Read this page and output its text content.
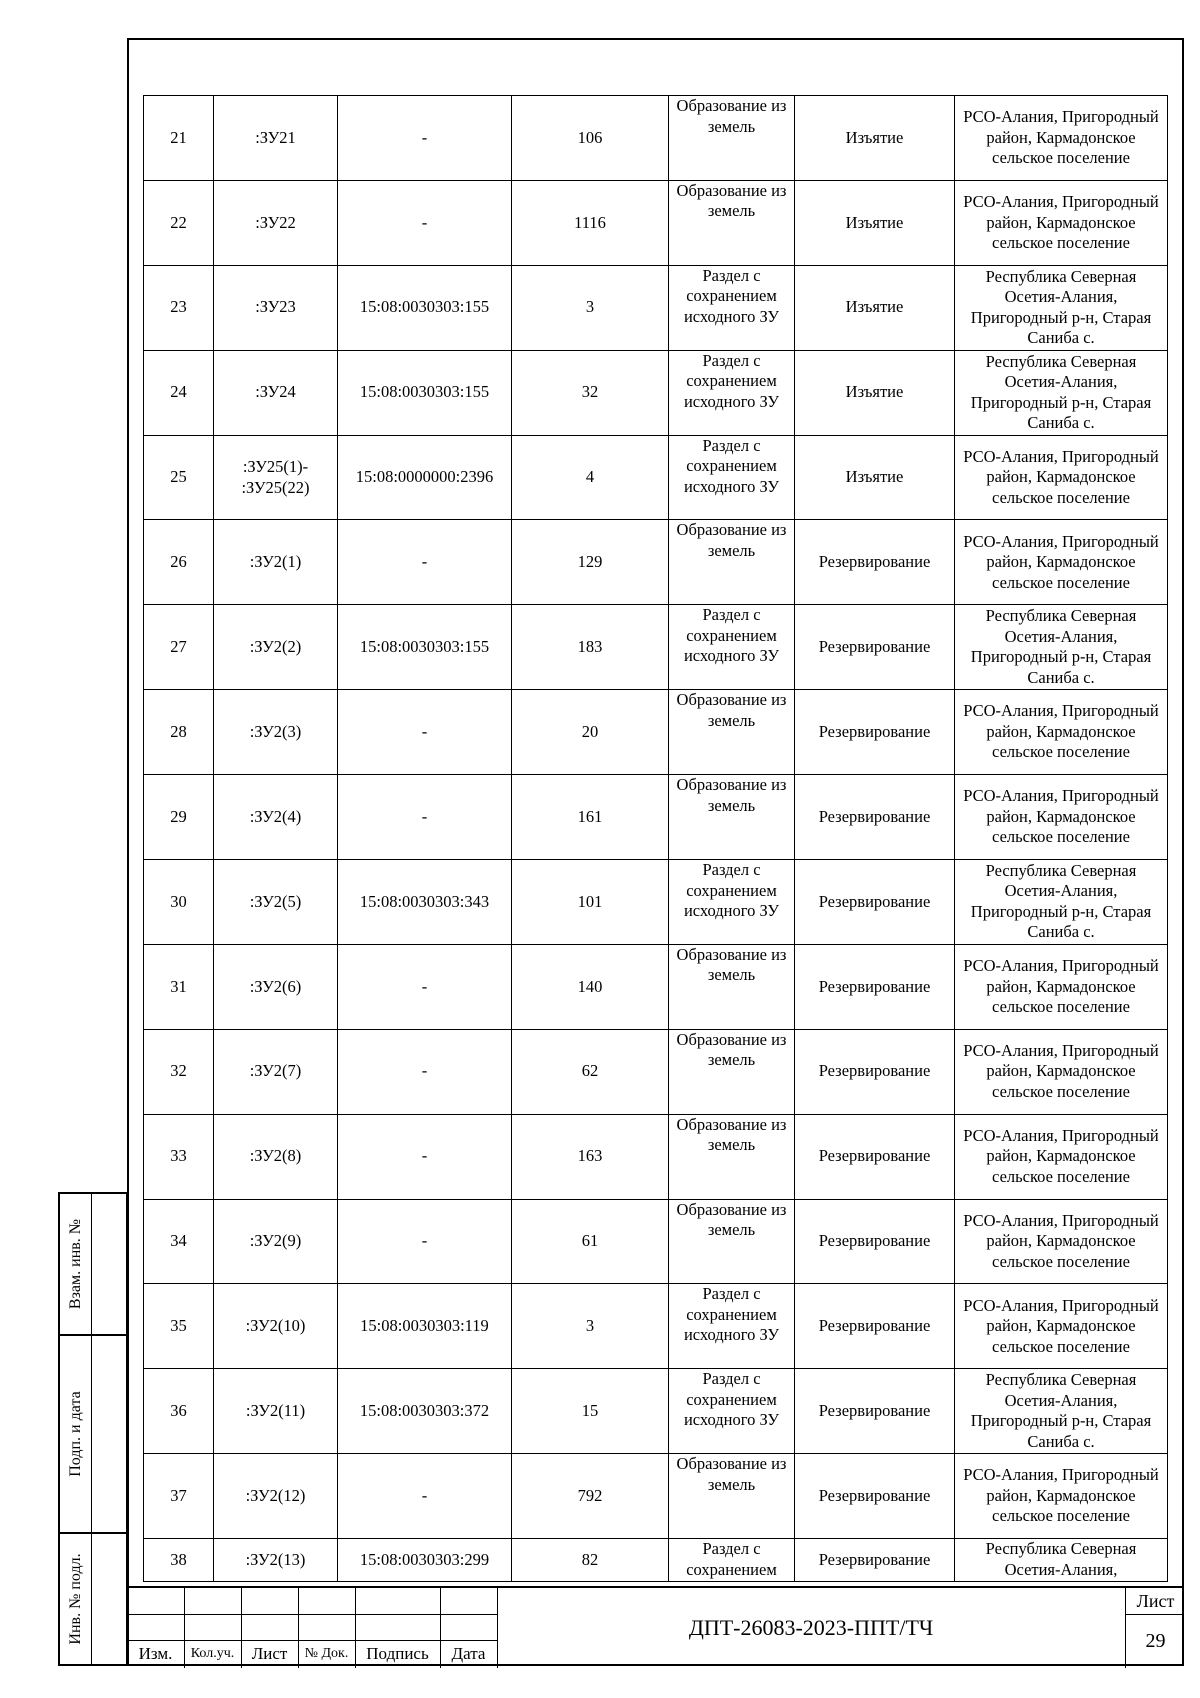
21	:ЗУ21	-	106	Образование из земель	Изъятие	РСО-Алания, Пригородный район, Кармадонское сельское поселение
22	:ЗУ22	-	1116	Образование из земель	Изъятие	РСО-Алания, Пригородный район, Кармадонское сельское поселение
23	:ЗУ23	15:08:0030303:155	3	Раздел с сохранением исходного ЗУ	Изъятие	Республика Северная Осетия-Алания, Пригородный р-н, Старая Саниба с.
24	:ЗУ24	15:08:0030303:155	32	Раздел с сохранением исходного ЗУ	Изъятие	Республика Северная Осетия-Алания, Пригородный р-н, Старая Саниба с.
25	:ЗУ25(1)- :ЗУ25(22)	15:08:0000000:2396	4	Раздел с сохранением исходного ЗУ	Изъятие	РСО-Алания, Пригородный район, Кармадонское сельское поселение
26	:ЗУ2(1)	-	129	Образование из земель	Резервирование	РСО-Алания, Пригородный район, Кармадонское сельское поселение
27	:ЗУ2(2)	15:08:0030303:155	183	Раздел с сохранением исходного ЗУ	Резервирование	Республика Северная Осетия-Алания, Пригородный р-н, Старая Саниба с.
28	:ЗУ2(3)	-	20	Образование из земель	Резервирование	РСО-Алания, Пригородный район, Кармадонское сельское поселение
29	:ЗУ2(4)	-	161	Образование из земель	Резервирование	РСО-Алания, Пригородный район, Кармадонское сельское поселение
30	:ЗУ2(5)	15:08:0030303:343	101	Раздел с сохранением исходного ЗУ	Резервирование	Республика Северная Осетия-Алания, Пригородный р-н, Старая Саниба с.
31	:ЗУ2(6)	-	140	Образование из земель	Резервирование	РСО-Алания, Пригородный район, Кармадонское сельское поселение
32	:ЗУ2(7)	-	62	Образование из земель	Резервирование	РСО-Алания, Пригородный район, Кармадонское сельское поселение
33	:ЗУ2(8)	-	163	Образование из земель	Резервирование	РСО-Алания, Пригородный район, Кармадонское сельское поселение
34	:ЗУ2(9)	-	61	Образование из земель	Резервирование	РСО-Алания, Пригородный район, Кармадонское сельское поселение
35	:ЗУ2(10)	15:08:0030303:119	3	Раздел с сохранением исходного ЗУ	Резервирование	РСО-Алания, Пригородный район, Кармадонское сельское поселение
36	:ЗУ2(11)	15:08:0030303:372	15	Раздел с сохранением исходного ЗУ	Резервирование	Республика Северная Осетия-Алания, Пригородный р-н, Старая Саниба с.
37	:ЗУ2(12)	-	792	Образование из земель	Резервирование	РСО-Алания, Пригородный район, Кармадонское сельское поселение
38	:ЗУ2(13)	15:08:0030303:299	82	Раздел с сохранением	Резервирование	Республика Северная Осетия-Алания,
Взам. инв. №
Подп. и дата
Инв. № подл.
Изм.	Кол.уч.	Лист	№ Док.	Подпись	Дата
ДПТ-26083-2023-ППТ/ТЧ
Лист
29
